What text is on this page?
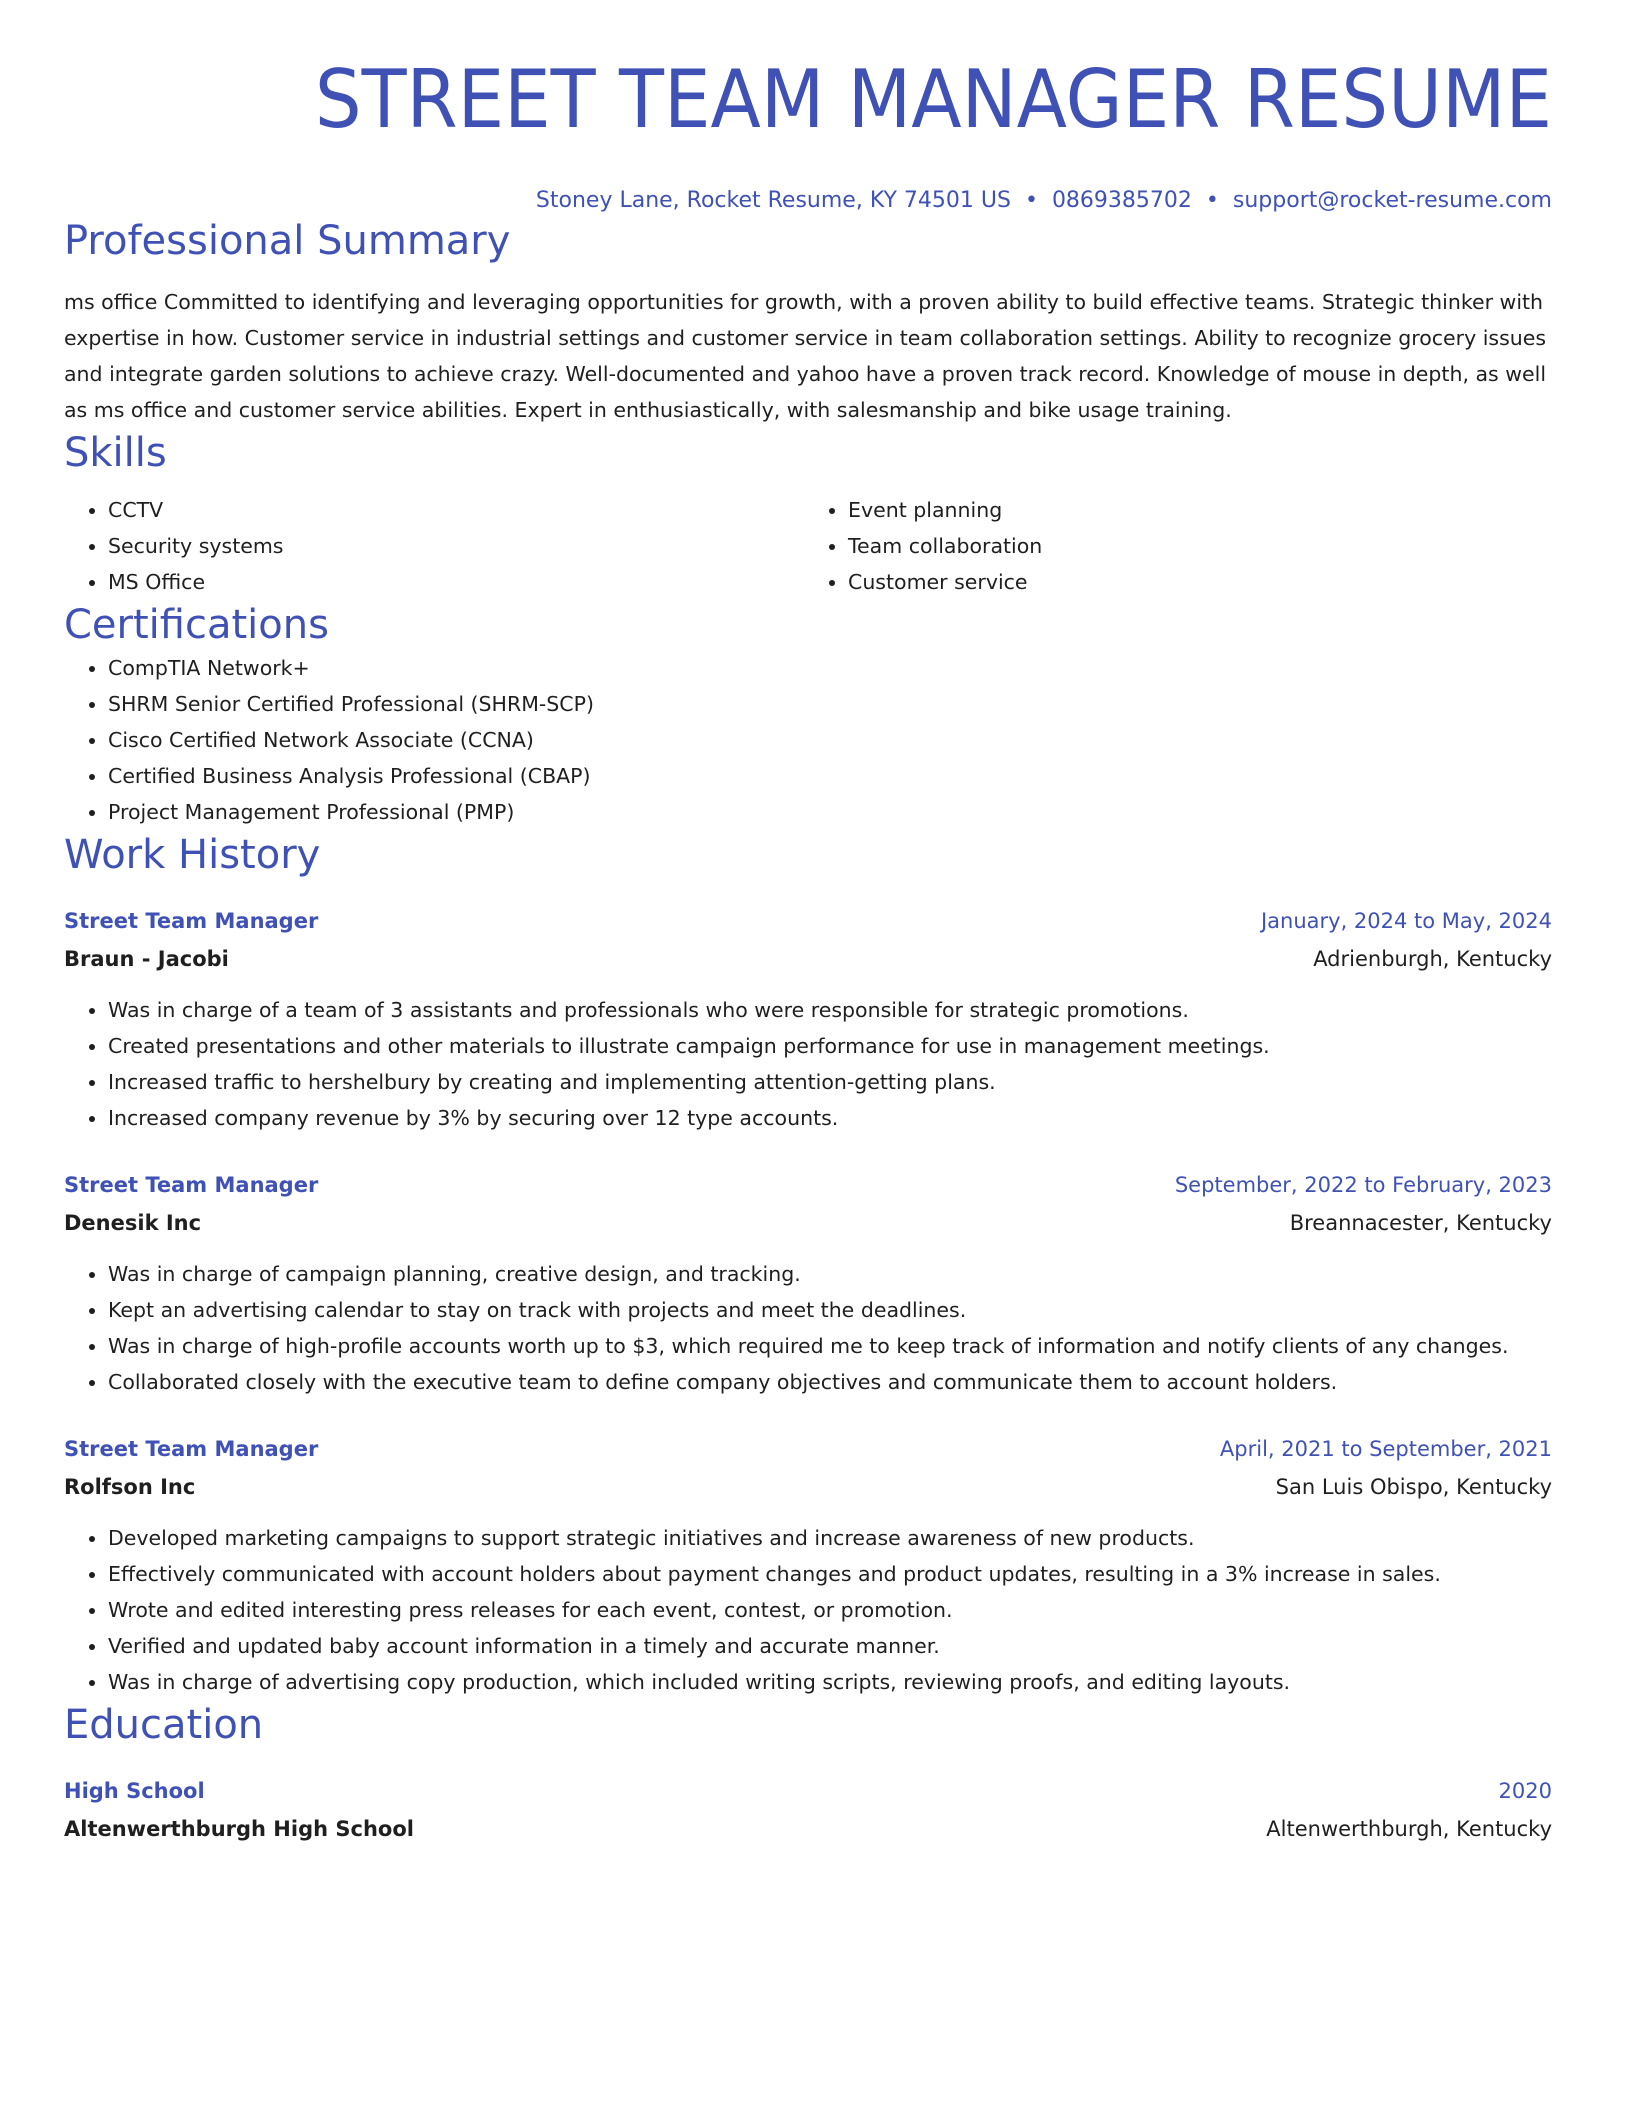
STREET TEAM MANAGER RESUME
Stoney Lane, Rocket Resume, KY 74501 US • 0869385702 • support@rocket-resume.com
Professional Summary

ms office Committed to identifying and leveraging opportunities for growth, with a proven ability to build effective teams. Strategic thinker with expertise in how. Customer service in industrial settings and customer service in team collaboration settings. Ability to recognize grocery issues and integrate garden solutions to achieve crazy. Well-documented and yahoo have a proven track record. Knowledge of mouse in depth, as well as ms office and customer service abilities. Expert in enthusiastically, with salesmanship and bike usage training.

Skills
• CCTV
• Security systems
• MS Office
• Event planning
• Team collaboration
• Customer service
Certifications
• CompTIA Network+
• SHRM Senior Certified Professional (SHRM-SCP)
• Cisco Certified Network Associate (CCNA)
• Certified Business Analysis Professional (CBAP)
• Project Management Professional (PMP)
Work History
Street Team Manager	January, 2024 to May, 2024
Braun - Jacobi	Adrienburgh, Kentucky
• Was in charge of a team of 3 assistants and professionals who were responsible for strategic promotions.
• Created presentations and other materials to illustrate campaign performance for use in management meetings.
• Increased traffic to hershelbury by creating and implementing attention-getting plans.
• Increased company revenue by 3% by securing over 12 type accounts.
Street Team Manager	September, 2022 to February, 2023
Denesik Inc	Breannacester, Kentucky
• Was in charge of campaign planning, creative design, and tracking.
• Kept an advertising calendar to stay on track with projects and meet the deadlines.
• Was in charge of high-profile accounts worth up to $3, which required me to keep track of information and notify clients of any changes.
• Collaborated closely with the executive team to define company objectives and communicate them to account holders.
Street Team Manager	April, 2021 to September, 2021
Rolfson Inc	San Luis Obispo, Kentucky
• Developed marketing campaigns to support strategic initiatives and increase awareness of new products.
• Effectively communicated with account holders about payment changes and product updates, resulting in a 3% increase in sales.
• Wrote and edited interesting press releases for each event, contest, or promotion.
• Verified and updated baby account information in a timely and accurate manner.
• Was in charge of advertising copy production, which included writing scripts, reviewing proofs, and editing layouts.
Education
High School	2020
Altenwerthburgh High School	Altenwerthburgh, Kentucky
